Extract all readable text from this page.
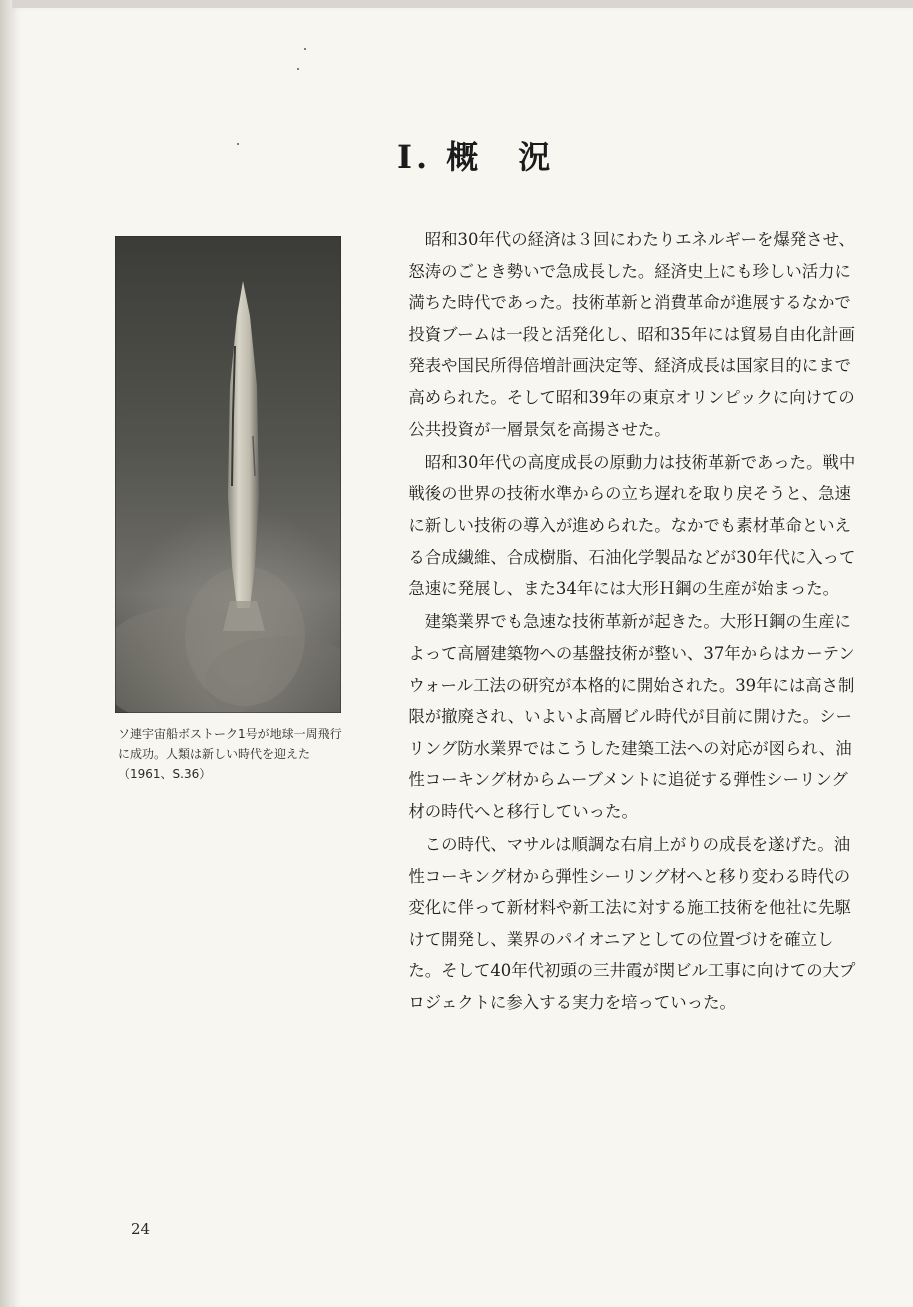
Ⅰ. 概　況

ソ連宇宙船ボストーク1号が地球一周飛行に成功。人類は新しい時代を迎えた（1961、S.36）

昭和30年代の経済は３回にわたりエネルギーを爆発させ、
怒涛のごとき勢いで急成長した。経済史上にも珍しい活力に
満ちた時代であった。技術革新と消費革命が進展するなかで
投資ブームは一段と活発化し、昭和35年には貿易自由化計画
発表や国民所得倍増計画決定等、経済成長は国家目的にまで
高められた。そして昭和39年の東京オリンピックに向けての
公共投資が一層景気を高揚させた。

昭和30年代の高度成長の原動力は技術革新であった。戦中
戦後の世界の技術水準からの立ち遅れを取り戻そうと、急速
に新しい技術の導入が進められた。なかでも素材革命といえ
る合成繊維、合成樹脂、石油化学製品などが30年代に入って
急速に発展し、また34年には大形Ｈ鋼の生産が始まった。

建築業界でも急速な技術革新が起きた。大形Ｈ鋼の生産に
よって高層建築物への基盤技術が整い、37年からはカーテン
ウォール工法の研究が本格的に開始された。39年には高さ制
限が撤廃され、いよいよ高層ビル時代が目前に開けた。シー
リング防水業界ではこうした建築工法への対応が図られ、油
性コーキング材からムーブメントに追従する弾性シーリング
材の時代へと移行していった。

この時代、マサルは順調な右肩上がりの成長を遂げた。油
性コーキング材から弾性シーリング材へと移り変わる時代の
変化に伴って新材料や新工法に対する施工技術を他社に先駆
けて開発し、業界のパイオニアとしての位置づけを確立し
た。そして40年代初頭の三井霞が関ビル工事に向けての大プ
ロジェクトに参入する実力を培っていった。

24
